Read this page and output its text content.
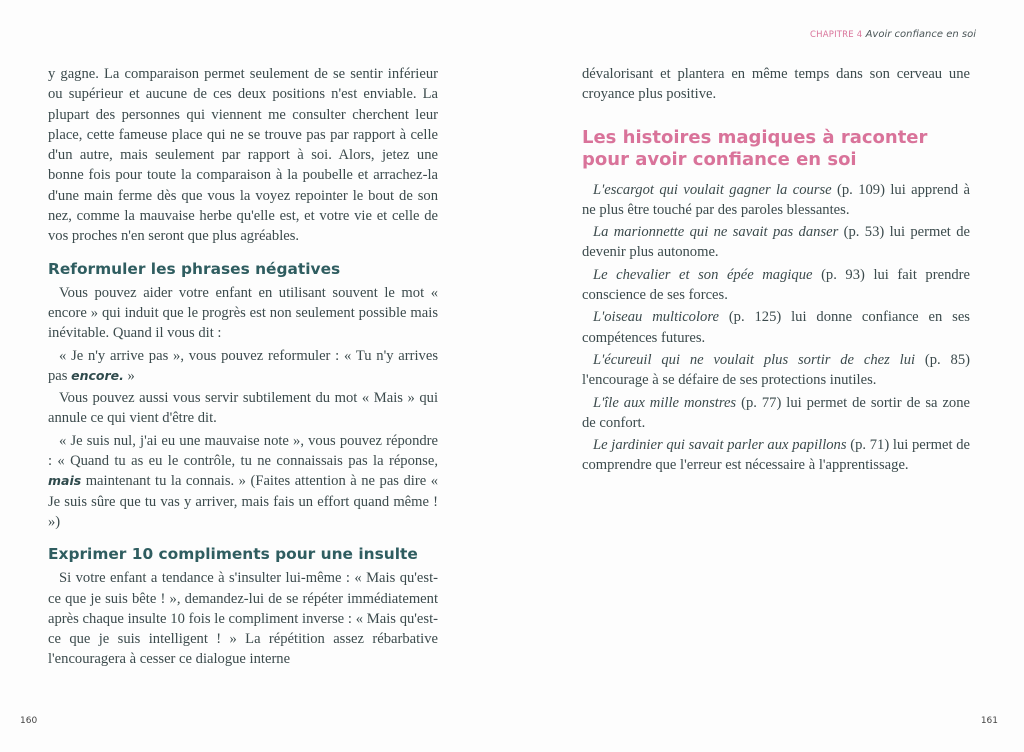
y gagne. La comparaison permet seulement de se sentir inférieur ou supérieur et aucune de ces deux positions n'est enviable. La plupart des personnes qui viennent me consulter cherchent leur place, cette fameuse place qui ne se trouve pas par rapport à celle d'un autre, mais seulement par rapport à soi. Alors, jetez une bonne fois pour toute la comparaison à la poubelle et arrachez-la d'une main ferme dès que vous la voyez repointer le bout de son nez, comme la mauvaise herbe qu'elle est, et votre vie et celle de vos proches n'en seront que plus agréables.

Reformuler les phrases négatives

Vous pouvez aider votre enfant en utilisant souvent le mot « encore » qui induit que le progrès est non seulement possible mais inévitable. Quand il vous dit :

« Je n'y arrive pas », vous pouvez reformuler : « Tu n'y arrives pas encore. »

Vous pouvez aussi vous servir subtilement du mot « Mais » qui annule ce qui vient d'être dit.

« Je suis nul, j'ai eu une mauvaise note », vous pouvez répondre : « Quand tu as eu le contrôle, tu ne connaissais pas la réponse, mais maintenant tu la connais. » (Faites attention à ne pas dire « Je suis sûre que tu vas y arriver, mais fais un effort quand même ! »)

Exprimer 10 compliments pour une insulte

Si votre enfant a tendance à s'insulter lui-même : « Mais qu'est-ce que je suis bête ! », demandez-lui de se répéter immédiatement après chaque insulte 10 fois le compliment inverse : « Mais qu'est-ce que je suis intelligent ! » La répétition assez rébarbative l'encouragera à cesser ce dialogue interne

160
CHAPITRE 4 Avoir confiance en soi

dévalorisant et plantera en même temps dans son cerveau une croyance plus positive.

Les histoires magiques à raconter
pour avoir confiance en soi

L'escargot qui voulait gagner la course (p. 109) lui apprend à ne plus être touché par des paroles blessantes.

La marionnette qui ne savait pas danser (p. 53) lui permet de devenir plus autonome.

Le chevalier et son épée magique (p. 93) lui fait prendre conscience de ses forces.

L'oiseau multicolore (p. 125) lui donne confiance en ses compétences futures.

L'écureuil qui ne voulait plus sortir de chez lui (p. 85) l'encourage à se défaire de ses protections inutiles.

L'île aux mille monstres (p. 77) lui permet de sortir de sa zone de confort.

Le jardinier qui savait parler aux papillons (p. 71) lui permet de comprendre que l'erreur est nécessaire à l'apprentissage.

161
